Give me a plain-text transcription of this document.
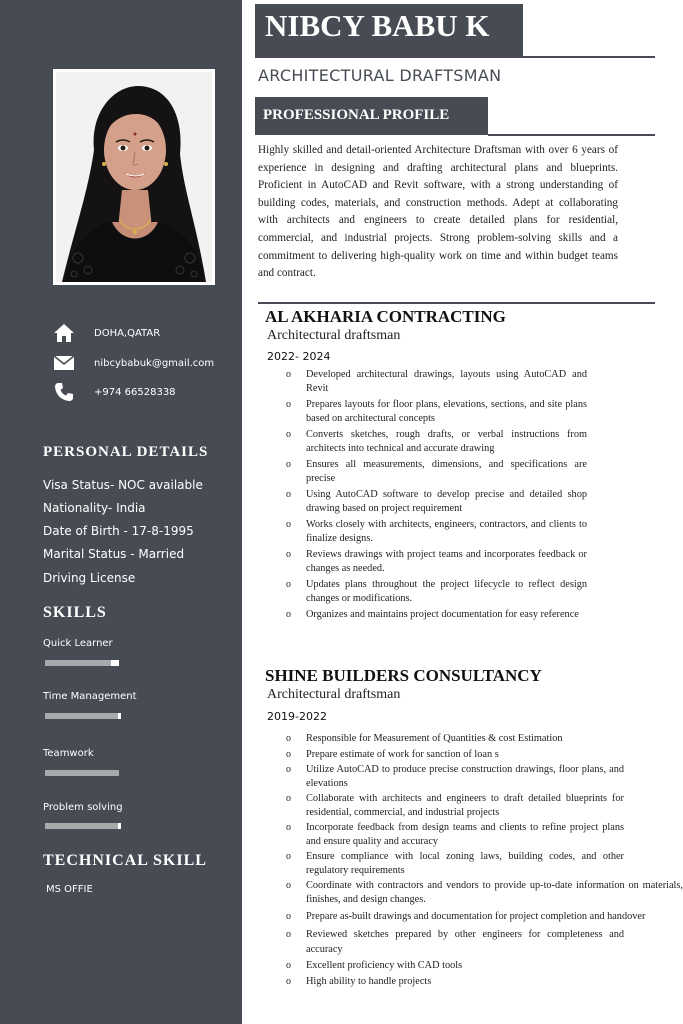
DOHA,QATAR
nibcybabuk@gmail.com
+974 66528338
PERSONAL DETAILS
Visa Status- NOC available
Nationality- India
Date of Birth - 17-8-1995
Marital Status - Married
Driving License
SKILLS
Quick Learner
Time Management
Teamwork
Problem solving
TECHNICAL SKILL
MS OFFIE
NIBCY BABU K
ARCHITECTURAL DRAFTSMAN
PROFESSIONAL PROFILE

Highly skilled and detail-oriented Architecture Draftsman with over 6 years of experience in designing and drafting architectural plans and blueprints. Proficient in AutoCAD and Revit software, with a strong understanding of building codes, materials, and construction methods. Adept at collaborating with architects and engineers to create detailed plans for residential, commercial, and industrial projects. Strong problem-solving skills and a commitment to delivering high-quality work on time and within budget teams and contract.

AL AKHARIA CONTRACTING
Architectural draftsman
2022- 2024
o Developed architectural drawings, layouts using AutoCAD and Revit
o Prepares layouts for floor plans, elevations, sections, and site plans based on architectural concepts
o Converts sketches, rough drafts, or verbal instructions from architects into technical and accurate drawing
o Ensures all measurements, dimensions, and specifications are precise
o Using AutoCAD software to develop precise and detailed shop drawing based on project requirement
o Works closely with architects, engineers, contractors, and clients to finalize designs.
o Reviews drawings with project teams and incorporates feedback or changes as needed.
o Updates plans throughout the project lifecycle to reflect design changes or modifications.
o Organizes and maintains project documentation for easy reference
SHINE BUILDERS CONSULTANCY
Architectural draftsman
2019-2022
o Responsible for Measurement of Quantities & cost Estimation
o Prepare estimate of work for sanction of loan s
o Utilize AutoCAD to produce precise construction drawings, floor plans, and elevations
o Collaborate with architects and engineers to draft detailed blueprints for residential, commercial, and industrial projects
o Incorporate feedback from design teams and clients to refine project plans and ensure quality and accuracy
o Ensure compliance with local zoning laws, building codes, and other regulatory requirements
o Coordinate with contractors and vendors to provide up-to-date information on materials, finishes, and design changes.
o Prepare as-built drawings and documentation for project completion and handover
o Reviewed sketches prepared by other engineers for completeness and accuracy
o Excellent proficiency with CAD tools
o High ability to handle projects
